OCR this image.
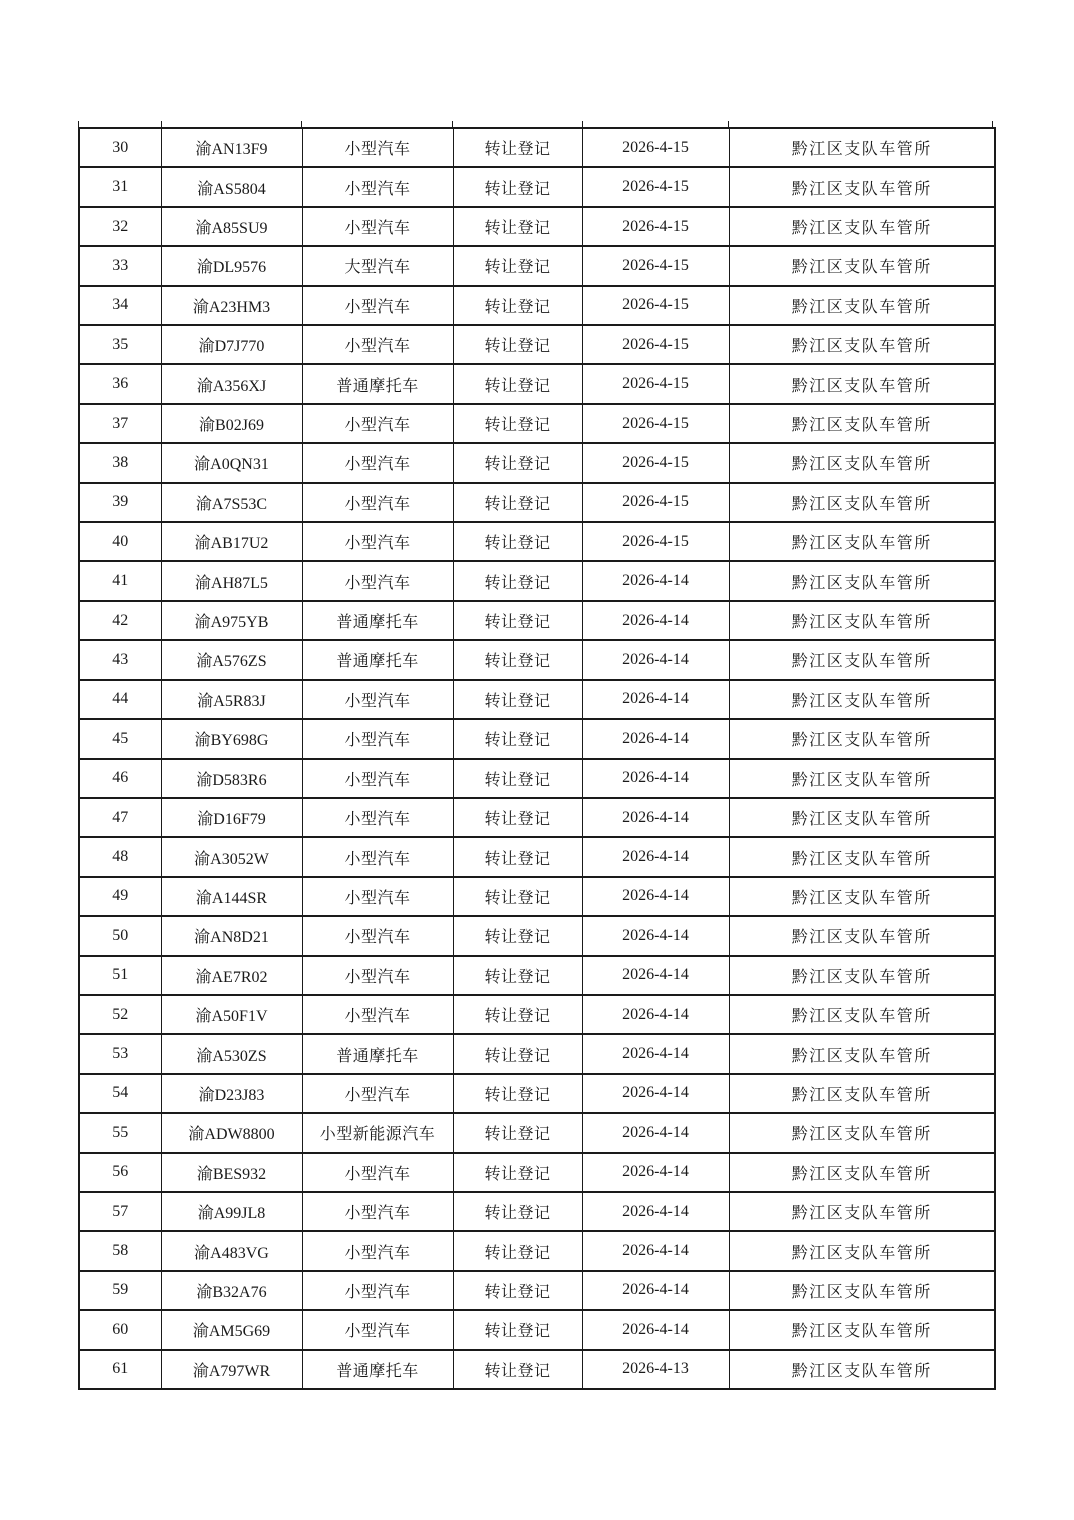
30	渝AN13F9	小型汽车	转让登记	2026-4-15	黔江区支队车管所
31	渝AS5804	小型汽车	转让登记	2026-4-15	黔江区支队车管所
32	渝A85SU9	小型汽车	转让登记	2026-4-15	黔江区支队车管所
33	渝DL9576	大型汽车	转让登记	2026-4-15	黔江区支队车管所
34	渝A23HM3	小型汽车	转让登记	2026-4-15	黔江区支队车管所
35	渝D7J770	小型汽车	转让登记	2026-4-15	黔江区支队车管所
36	渝A356XJ	普通摩托车	转让登记	2026-4-15	黔江区支队车管所
37	渝B02J69	小型汽车	转让登记	2026-4-15	黔江区支队车管所
38	渝A0QN31	小型汽车	转让登记	2026-4-15	黔江区支队车管所
39	渝A7S53C	小型汽车	转让登记	2026-4-15	黔江区支队车管所
40	渝AB17U2	小型汽车	转让登记	2026-4-15	黔江区支队车管所
41	渝AH87L5	小型汽车	转让登记	2026-4-14	黔江区支队车管所
42	渝A975YB	普通摩托车	转让登记	2026-4-14	黔江区支队车管所
43	渝A576ZS	普通摩托车	转让登记	2026-4-14	黔江区支队车管所
44	渝A5R83J	小型汽车	转让登记	2026-4-14	黔江区支队车管所
45	渝BY698G	小型汽车	转让登记	2026-4-14	黔江区支队车管所
46	渝D583R6	小型汽车	转让登记	2026-4-14	黔江区支队车管所
47	渝D16F79	小型汽车	转让登记	2026-4-14	黔江区支队车管所
48	渝A3052W	小型汽车	转让登记	2026-4-14	黔江区支队车管所
49	渝A144SR	小型汽车	转让登记	2026-4-14	黔江区支队车管所
50	渝AN8D21	小型汽车	转让登记	2026-4-14	黔江区支队车管所
51	渝AE7R02	小型汽车	转让登记	2026-4-14	黔江区支队车管所
52	渝A50F1V	小型汽车	转让登记	2026-4-14	黔江区支队车管所
53	渝A530ZS	普通摩托车	转让登记	2026-4-14	黔江区支队车管所
54	渝D23J83	小型汽车	转让登记	2026-4-14	黔江区支队车管所
55	渝ADW8800	小型新能源汽车	转让登记	2026-4-14	黔江区支队车管所
56	渝BES932	小型汽车	转让登记	2026-4-14	黔江区支队车管所
57	渝A99JL8	小型汽车	转让登记	2026-4-14	黔江区支队车管所
58	渝A483VG	小型汽车	转让登记	2026-4-14	黔江区支队车管所
59	渝B32A76	小型汽车	转让登记	2026-4-14	黔江区支队车管所
60	渝AM5G69	小型汽车	转让登记	2026-4-14	黔江区支队车管所
61	渝A797WR	普通摩托车	转让登记	2026-4-13	黔江区支队车管所
